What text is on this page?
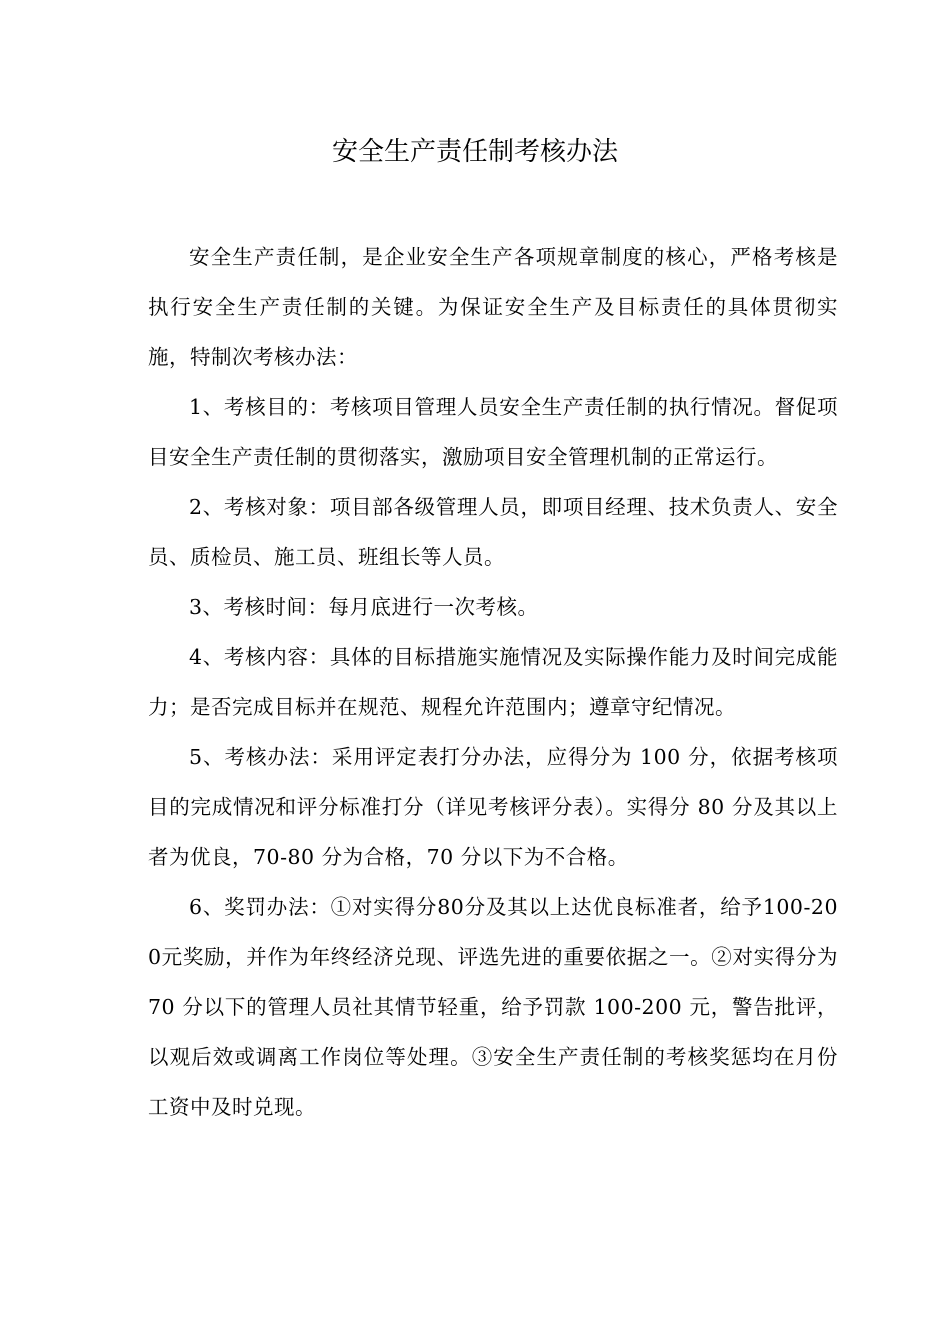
安全生产责任制考核办法

安全生产责任制，是企业安全生产各项规章制度的核心，严格考核是执行安全生产责任制的关键。为保证安全生产及目标责任的具体贯彻实施，特制次考核办法：

1、考核目的：考核项目管理人员安全生产责任制的执行情况。督促项目安全生产责任制的贯彻落实，激励项目安全管理机制的正常运行。

2、考核对象：项目部各级管理人员，即项目经理、技术负责人、安全员、质检员、施工员、班组长等人员。

3、考核时间：每月底进行一次考核。

4、考核内容：具体的目标措施实施情况及实际操作能力及时间完成能力；是否完成目标并在规范、规程允许范围内；遵章守纪情况。

5、考核办法：采用评定表打分办法，应得分为 100 分，依据考核项目的完成情况和评分标准打分（详见考核评分表）。实得分 80 分及其以上者为优良，70-80 分为合格，70 分以下为不合格。

6、奖罚办法：①对实得分80分及其以上达优良标准者，给予100-200元奖励，并作为年终经济兑现、评选先进的重要依据之一。②对实得分为 70 分以下的管理人员社其情节轻重，给予罚款 100-200 元，警告批评，以观后效或调离工作岗位等处理。③安全生产责任制的考核奖惩均在月份工资中及时兑现。
